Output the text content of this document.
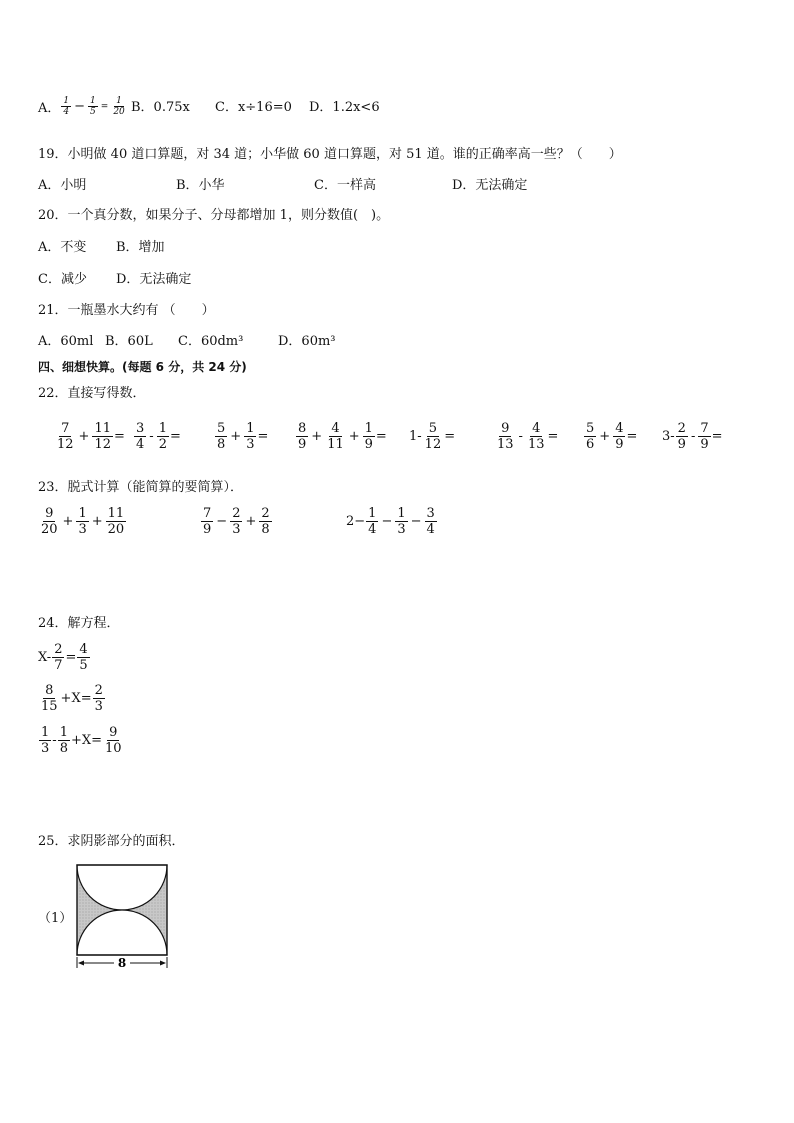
A． $\frac{1}{4} - \frac{1}{5} = \frac{1}{20}$ B．0.75x C．x÷16=0 D．1.2x<6
19．小明做 40 道口算题，对 34 道；小华做 60 道口算题，对 51 道。谁的正确率高一些？（　　）
A．小明	B．小华	C．一样高	D．无法确定
20．一个真分数，如果分子、分母都增加 1，则分数值(　)。
A．不变 B．增加
C．减少 D．无法确定
21．一瓶墨水大约有 （　　）
A．60ml B．60L C．60dm³	D．60m³
四、细想快算。(每题 6 分，共 24 分)
22．直接写得数．
$\frac{7}{12} + \frac{11}{12} = \frac{3}{4} - \frac{1}{2}$ =	$\frac{5}{8} + \frac{1}{3} = \frac{8}{9} + \frac{4}{11} + \frac{1}{9} = 1- \frac{5}{12}$ =	$\frac{9}{13} - \frac{4}{13} = \frac{5}{6} + \frac{4}{9} = 3- \frac{2}{9} - \frac{7}{9}$ =
23．脱式计算（能简算的要简算）．
$\frac{9}{20} + \frac{1}{3} + \frac{11}{20}$	$\frac{7}{9} - \frac{2}{3} + \frac{2}{8}$	$2- \frac{1}{4} - \frac{1}{3} - \frac{3}{4}$
24．解方程．
$X- \frac{2}{7} = \frac{4}{5}$
$\frac{8}{15} +X= \frac{2}{3}$
$\frac{1}{3} - \frac{1}{8} +X= \frac{9}{10}$
25．求阴影部分的面积．
（1）
8
